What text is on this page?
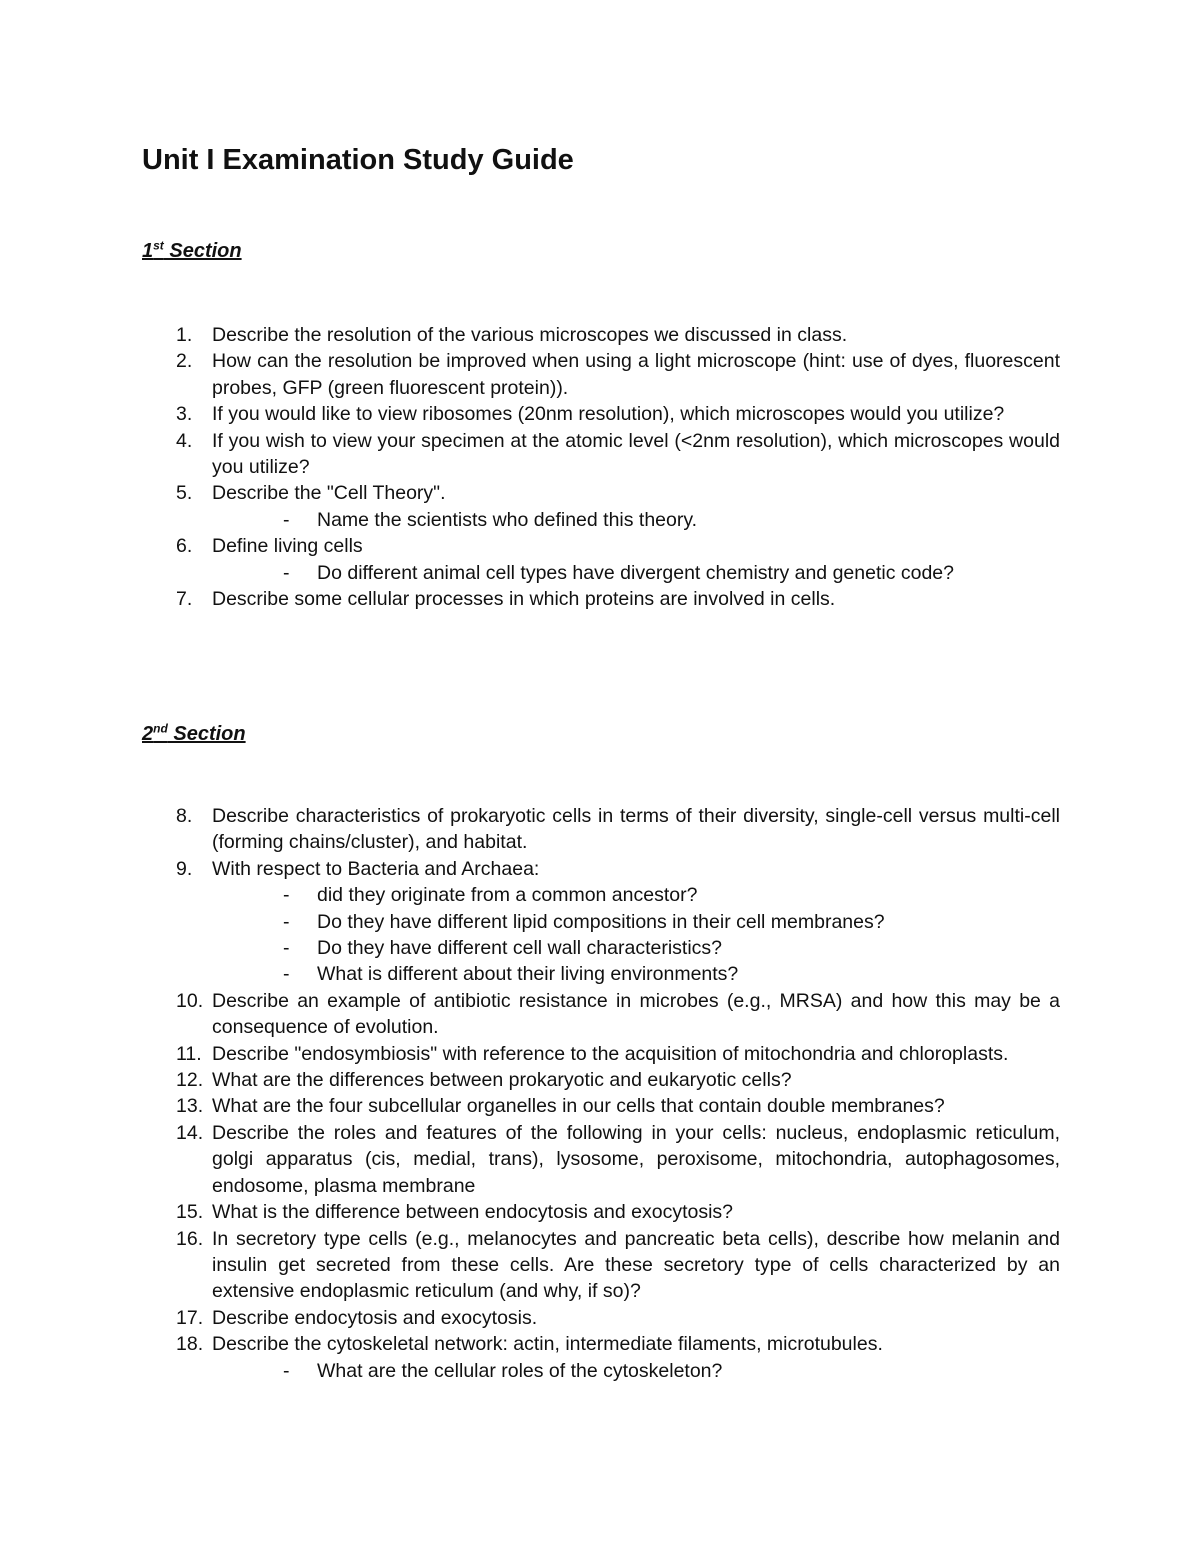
Unit I Examination Study Guide
1st Section
1. Describe the resolution of the various microscopes we discussed in class.
2. How can the resolution be improved when using a light microscope (hint: use of dyes, fluorescent probes, GFP (green fluorescent protein)).
3. If you would like to view ribosomes (20nm resolution), which microscopes would you utilize?
4. If you wish to view your specimen at the atomic level (<2nm resolution), which microscopes would you utilize?
5. Describe the "Cell Theory".
- Name the scientists who defined this theory.
6. Define living cells
- Do different animal cell types have divergent chemistry and genetic code?
7. Describe some cellular processes in which proteins are involved in cells.
2nd Section
8. Describe characteristics of prokaryotic cells in terms of their diversity, single-cell versus multi-cell (forming chains/cluster), and habitat.
9. With respect to Bacteria and Archaea:
- did they originate from a common ancestor?
- Do they have different lipid compositions in their cell membranes?
- Do they have different cell wall characteristics?
- What is different about their living environments?
10. Describe an example of antibiotic resistance in microbes (e.g., MRSA) and how this may be a consequence of evolution.
11. Describe "endosymbiosis" with reference to the acquisition of mitochondria and chloroplasts.
12. What are the differences between prokaryotic and eukaryotic cells?
13. What are the four subcellular organelles in our cells that contain double membranes?
14. Describe the roles and features of the following in your cells: nucleus, endoplasmic reticulum, golgi apparatus (cis, medial, trans), lysosome, peroxisome, mitochondria, autophagosomes, endosome, plasma membrane
15. What is the difference between endocytosis and exocytosis?
16. In secretory type cells (e.g., melanocytes and pancreatic beta cells), describe how melanin and insulin get secreted from these cells. Are these secretory type of cells characterized by an extensive endoplasmic reticulum (and why, if so)?
17. Describe endocytosis and exocytosis.
18. Describe the cytoskeletal network: actin, intermediate filaments, microtubules.
- What are the cellular roles of the cytoskeleton?
